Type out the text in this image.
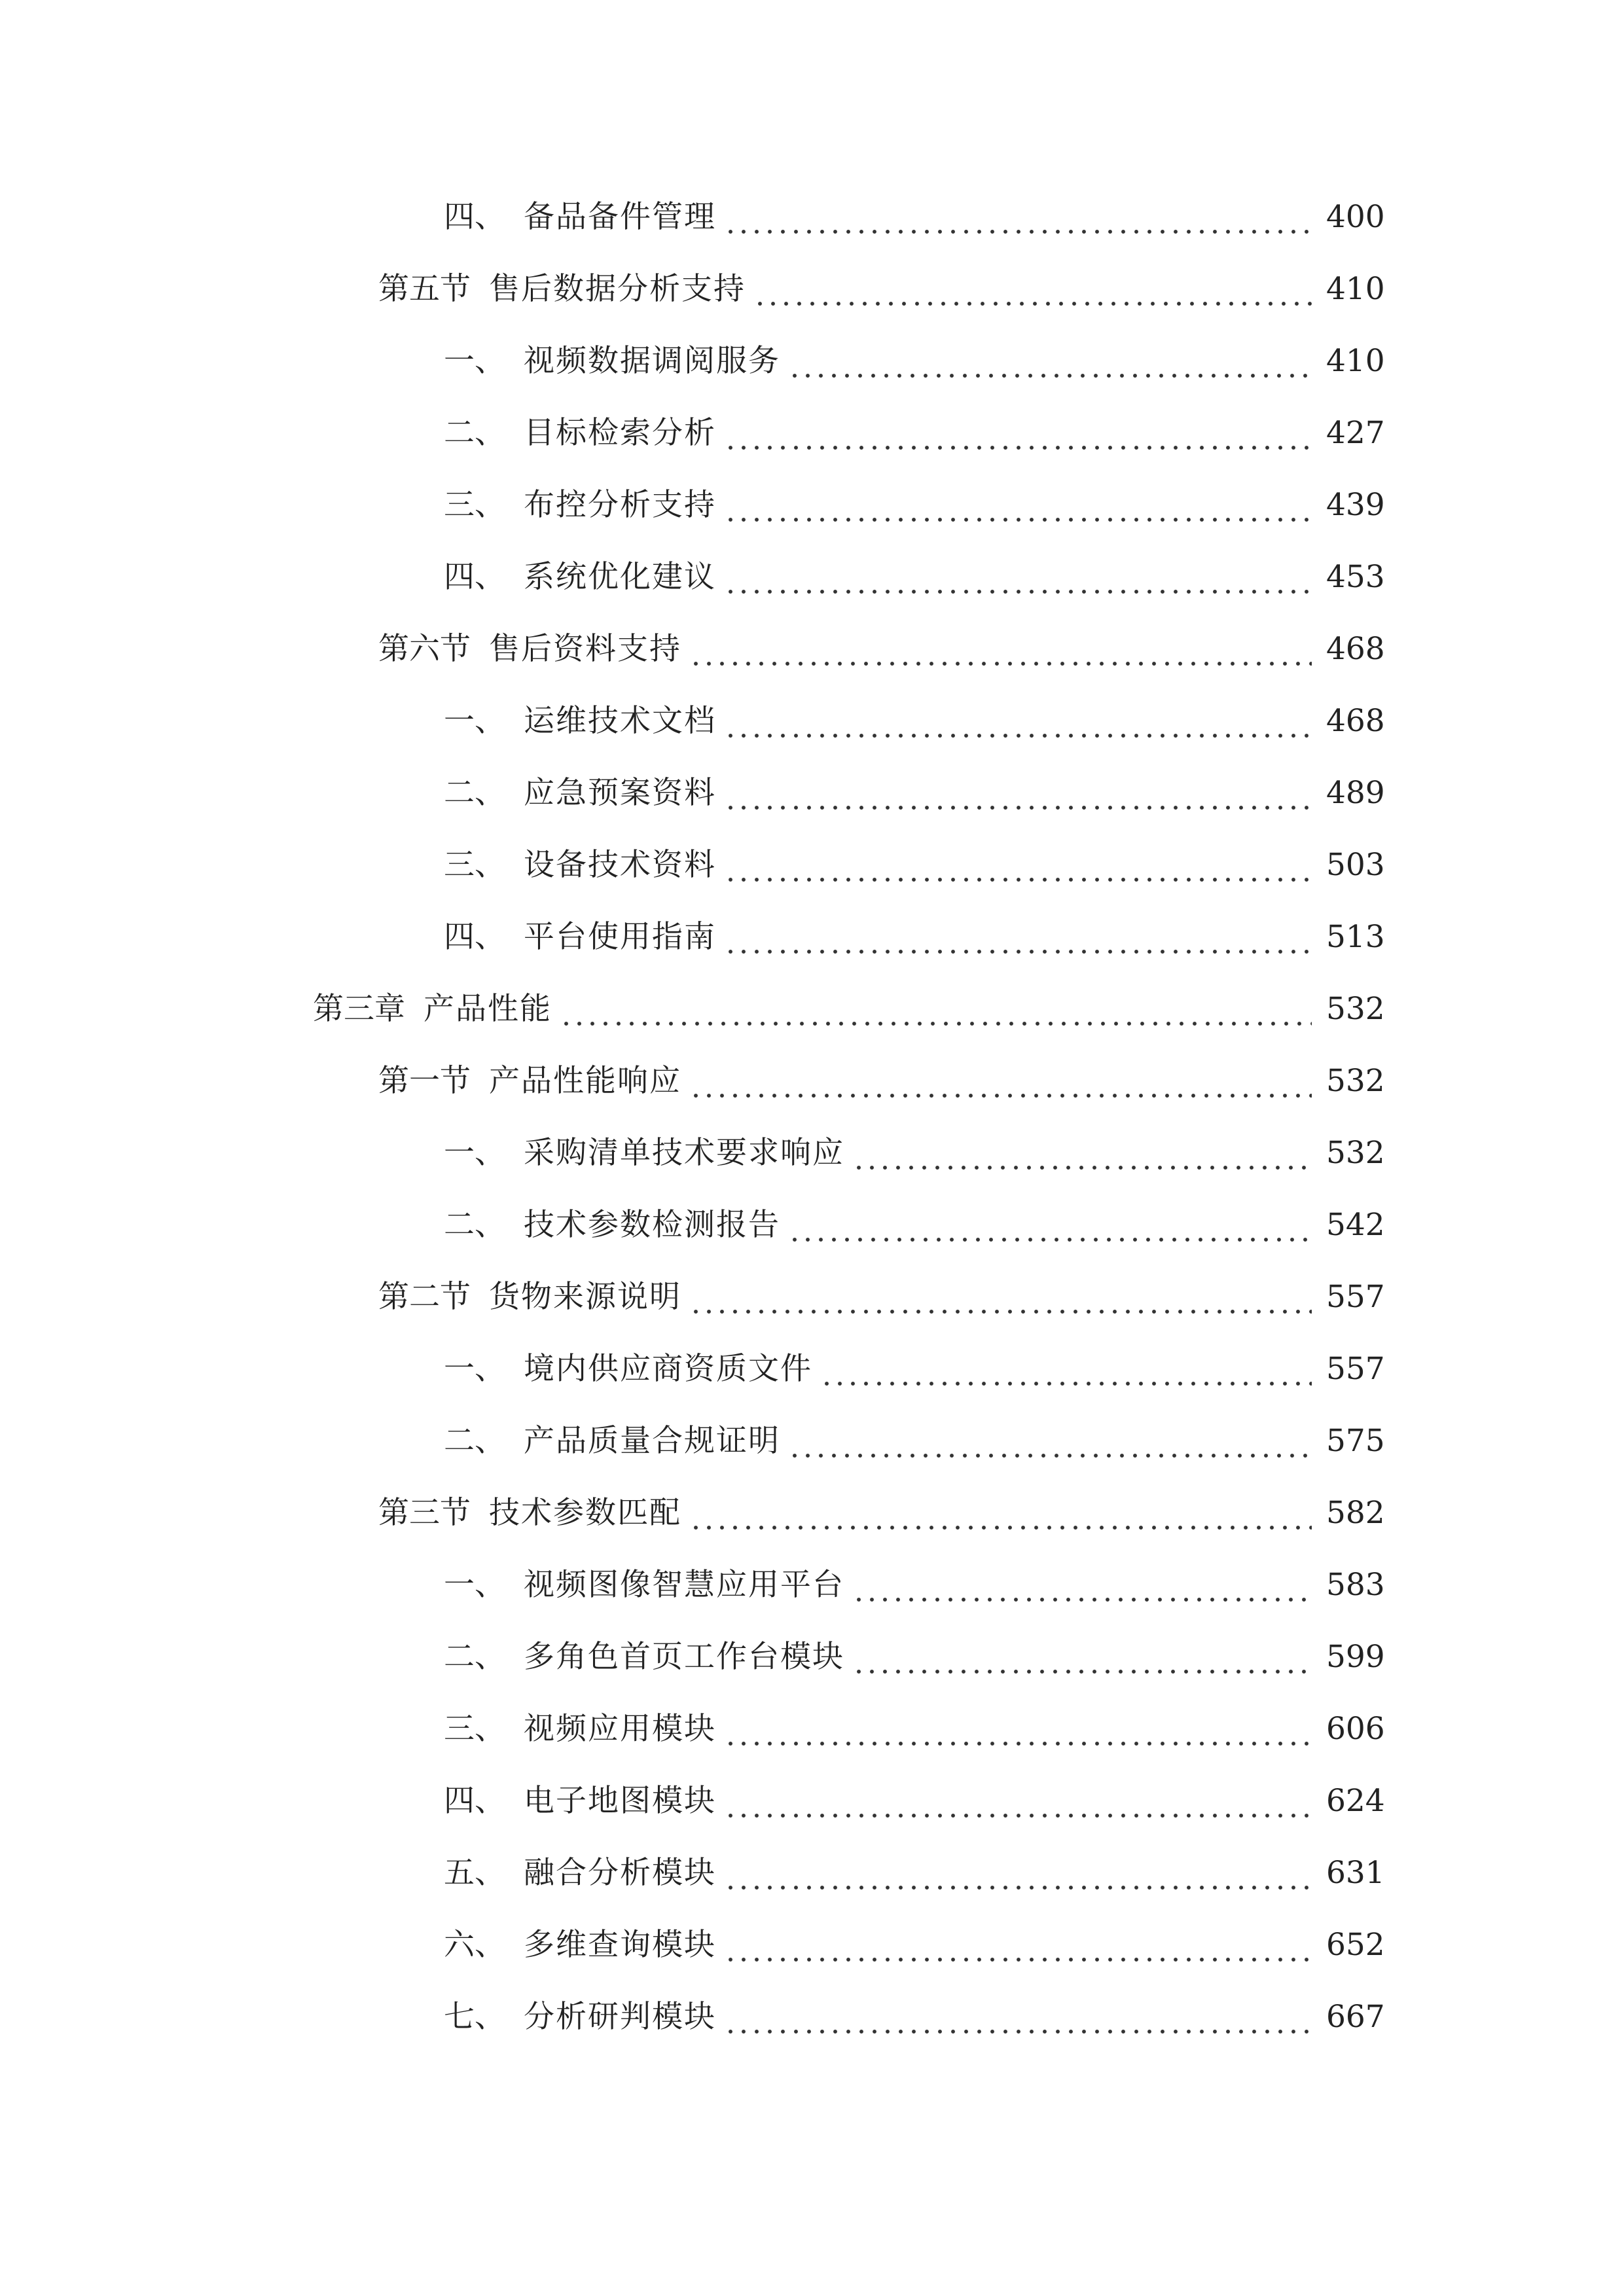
四、 备品备件管理	400
第五节 售后数据分析支持	410
一、 视频数据调阅服务	410
二、 目标检索分析	427
三、 布控分析支持	439
四、 系统优化建议	453
第六节 售后资料支持	468
一、 运维技术文档	468
二、 应急预案资料	489
三、 设备技术资料	503
四、 平台使用指南	513
第三章 产品性能	532
第一节 产品性能响应	532
一、 采购清单技术要求响应	532
二、 技术参数检测报告	542
第二节 货物来源说明	557
一、 境内供应商资质文件	557
二、 产品质量合规证明	575
第三节 技术参数匹配	582
一、 视频图像智慧应用平台	583
二、 多角色首页工作台模块	599
三、 视频应用模块	606
四、 电子地图模块	624
五、 融合分析模块	631
六、 多维查询模块	652
七、 分析研判模块	667
